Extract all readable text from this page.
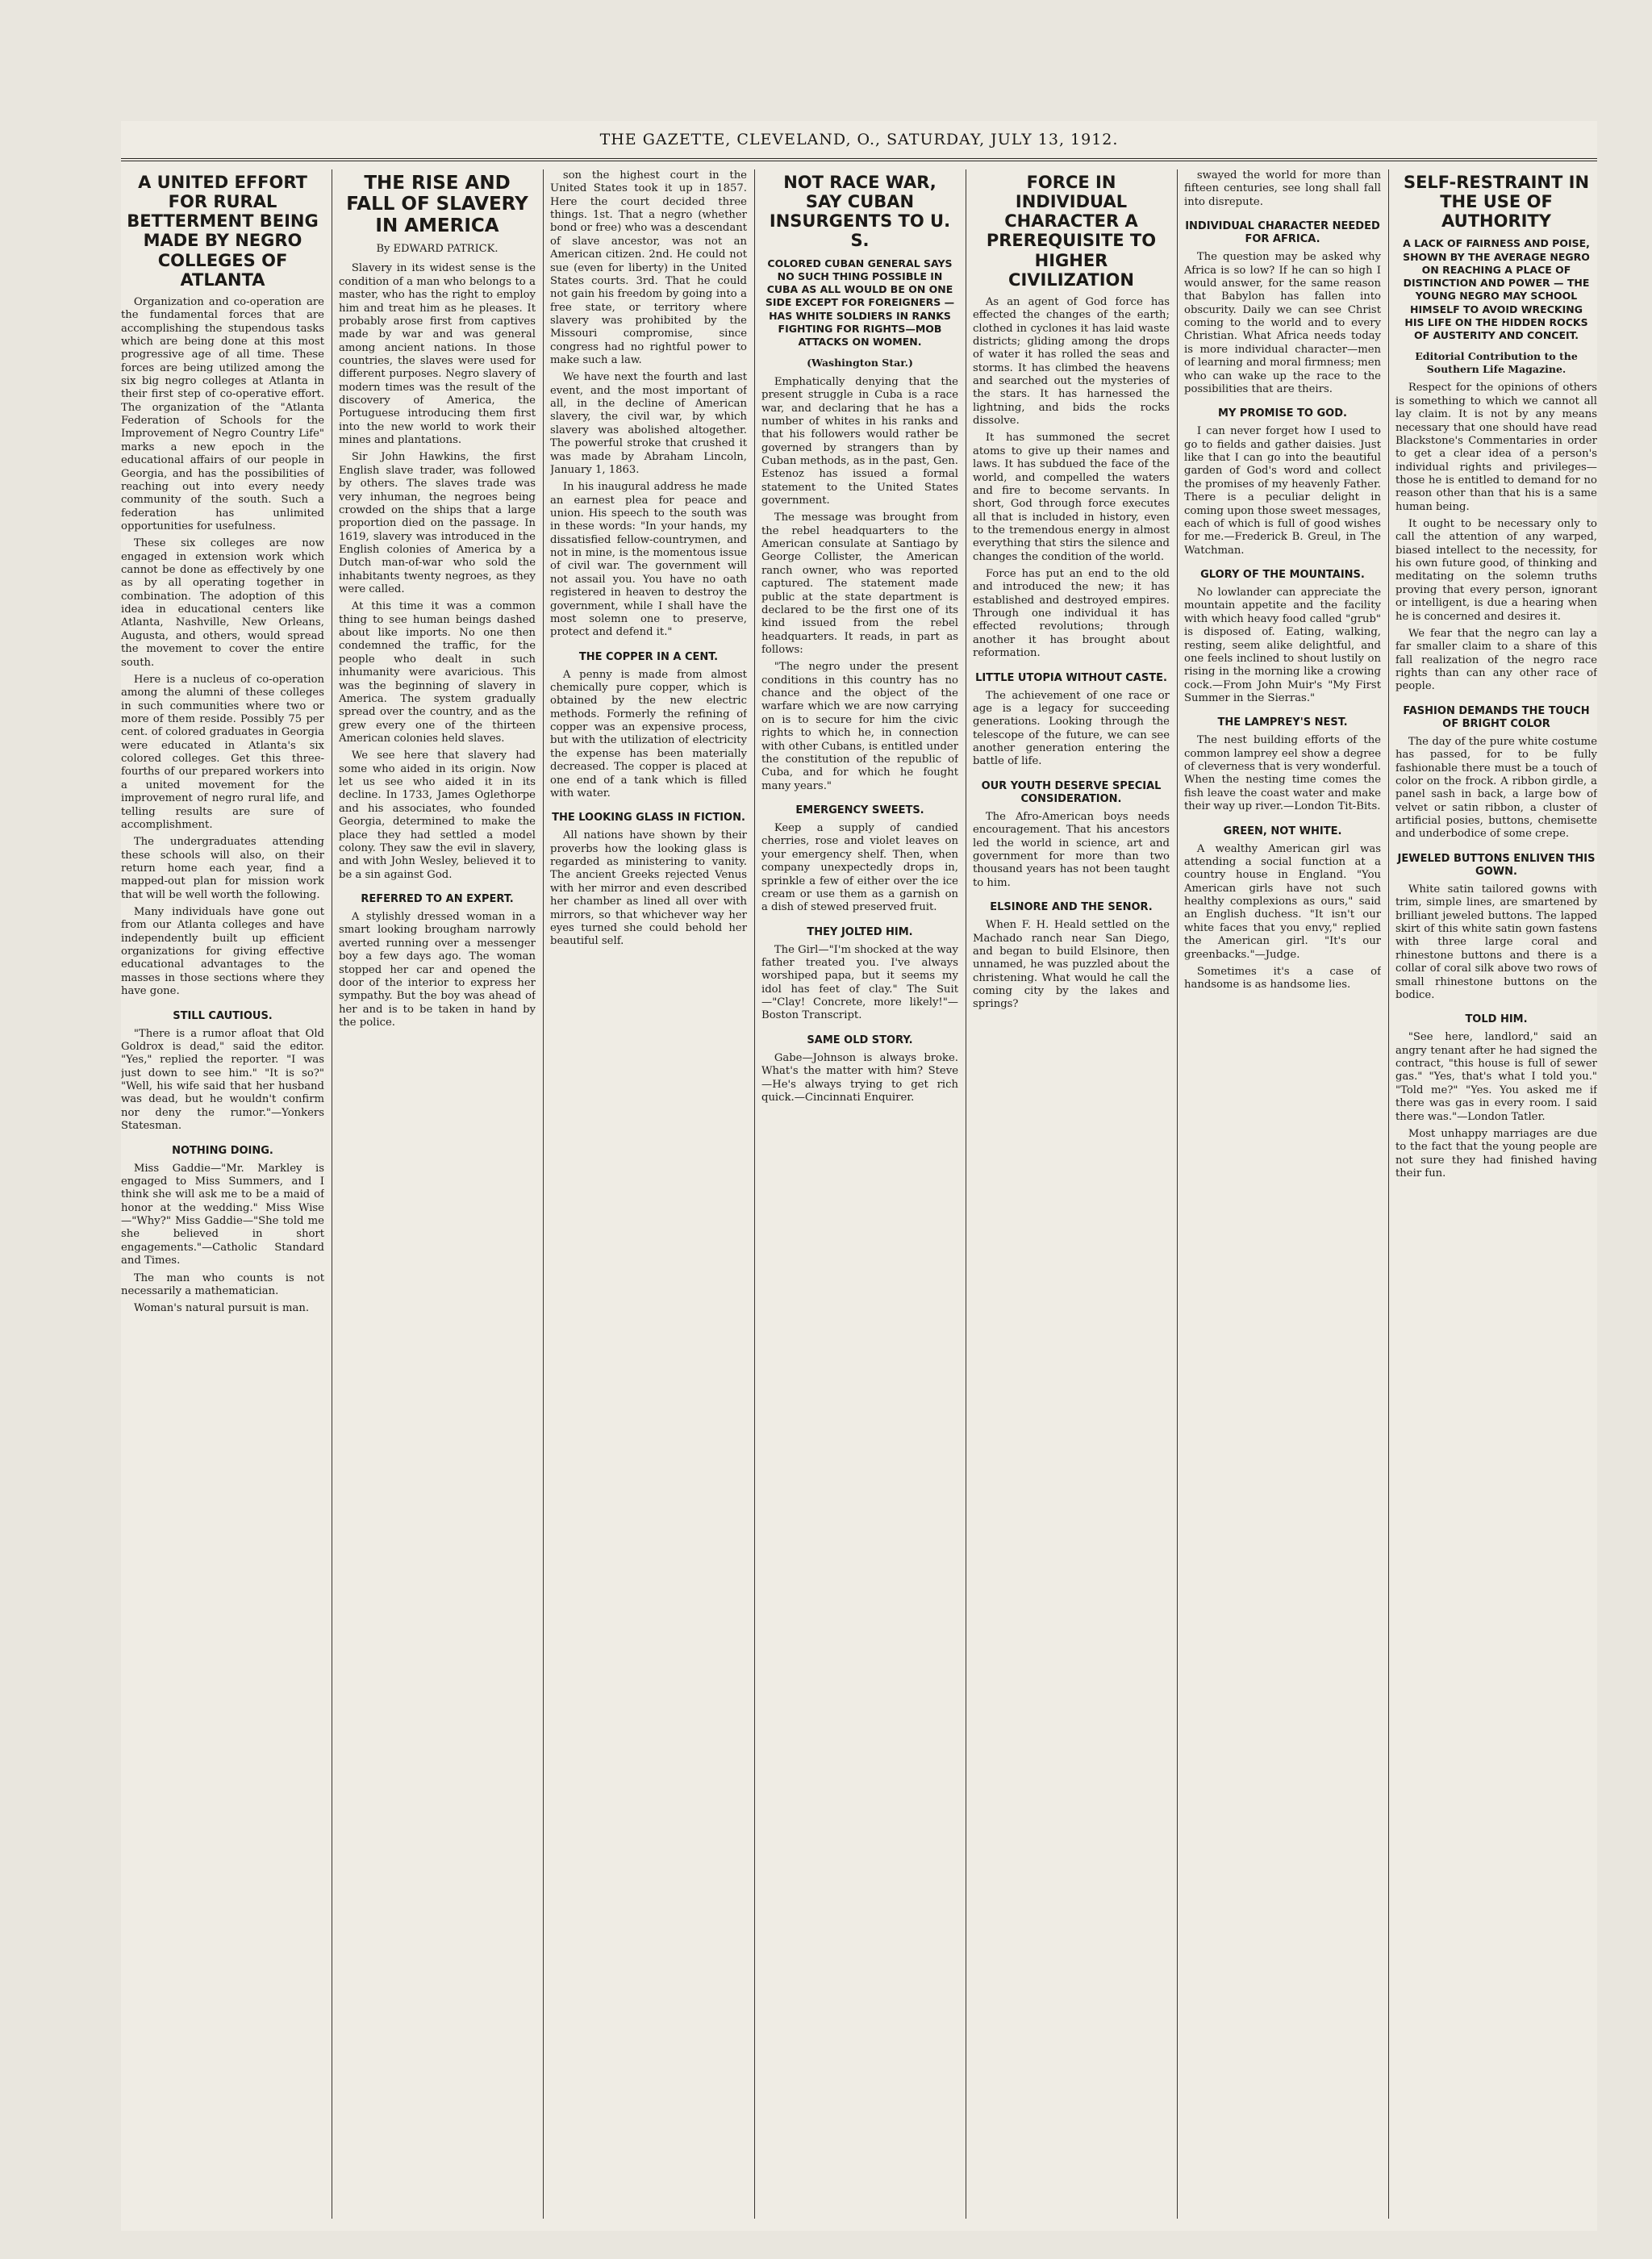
THE GAZETTE, CLEVELAND, O., SATURDAY, JULY 13, 1912.
A UNITED EFFORT FOR RURAL BETTERMENT BEING MADE BY NEGRO COLLEGES OF ATLANTA

Organization and co-operation are the fundamental forces that are accomplishing the stupendous tasks which are being done at this most progressive age of all time. These forces are being utilized among the six big negro colleges at Atlanta in their first step of co-operative effort. The organization of the "Atlanta Federation of Schools for the Improvement of Negro Country Life" marks a new epoch in the educational affairs of our people in Georgia, and has the possibilities of reaching out into every needy community of the south. Such a federation has unlimited opportunities for usefulness.

These six colleges are now engaged in extension work which cannot be done as effectively by one as by all operating together in combination. The adoption of this idea in educational centers like Atlanta, Nashville, New Orleans, Augusta, and others, would spread the movement to cover the entire south.

Here is a nucleus of co-operation among the alumni of these colleges in such communities where two or more of them reside. Possibly 75 per cent. of colored graduates in Georgia were educated in Atlanta's six colored colleges. Get this three-fourths of our prepared workers into a united movement for the improvement of negro rural life, and telling results are sure of accomplishment.

The undergraduates attending these schools will also, on their return home each year, find a mapped-out plan for mission work that will be well worth the following.

Many individuals have gone out from our Atlanta colleges and have independently built up efficient organizations for giving effective educational advantages to the masses in those sections where they have gone.

STILL CAUTIOUS.

"There is a rumor afloat that Old Goldrox is dead," said the editor. "Yes," replied the reporter. "I was just down to see him." "It is so?" "Well, his wife said that her husband was dead, but he wouldn't confirm nor deny the rumor."—Yonkers Statesman.

NOTHING DOING.

Miss Gaddie—"Mr. Markley is engaged to Miss Summers, and I think she will ask me to be a maid of honor at the wedding." Miss Wise—"Why?" Miss Gaddie—"She told me she believed in short engagements."—Catholic Standard and Times.

The man who counts is not necessarily a mathematician.

Woman's natural pursuit is man.

THE RISE AND FALL OF SLAVERY IN AMERICA
By EDWARD PATRICK.

Slavery in its widest sense is the condition of a man who belongs to a master, who has the right to employ him and treat him as he pleases. It probably arose first from captives made by war and was general among ancient nations. In those countries, the slaves were used for different purposes. Negro slavery of modern times was the result of the discovery of America, the Portuguese introducing them first into the new world to work their mines and plantations.

Sir John Hawkins, the first English slave trader, was followed by others. The slaves trade was very inhuman, the negroes being crowded on the ships that a large proportion died on the passage. In 1619, slavery was introduced in the English colonies of America by a Dutch man-of-war who sold the inhabitants twenty negroes, as they were called.

At this time it was a common thing to see human beings dashed about like imports. No one then condemned the traffic, for the people who dealt in such inhumanity were avaricious. This was the beginning of slavery in America. The system gradually spread over the country, and as the grew every one of the thirteen American colonies held slaves.

We see here that slavery had some who aided in its origin. Now let us see who aided it in its decline. In 1733, James Oglethorpe and his associates, who founded Georgia, determined to make the place they had settled a model colony. They saw the evil in slavery, and with John Wesley, believed it to be a sin against God.

REFERRED TO AN EXPERT.

A stylishly dressed woman in a smart looking brougham narrowly averted running over a messenger boy a few days ago. The woman stopped her car and opened the door of the interior to express her sympathy. But the boy was ahead of her and is to be taken in hand by the police.

son the highest court in the United States took it up in 1857. Here the court decided three things. 1st. That a negro (whether bond or free) who was a descendant of slave ancestor, was not an American citizen. 2nd. He could not sue (even for liberty) in the United States courts. 3rd. That he could not gain his freedom by going into a free state, or territory where slavery was prohibited by the Missouri compromise, since congress had no rightful power to make such a law.

We have next the fourth and last event, and the most important of all, in the decline of American slavery, the civil war, by which slavery was abolished altogether. The powerful stroke that crushed it was made by Abraham Lincoln, January 1, 1863.

In his inaugural address he made an earnest plea for peace and union. His speech to the south was in these words: "In your hands, my dissatisfied fellow-countrymen, and not in mine, is the momentous issue of civil war. The government will not assail you. You have no oath registered in heaven to destroy the government, while I shall have the most solemn one to preserve, protect and defend it."

THE COPPER IN A CENT.

A penny is made from almost chemically pure copper, which is obtained by the new electric methods. Formerly the refining of copper was an expensive process, but with the utilization of electricity the expense has been materially decreased. The copper is placed at one end of a tank which is filled with water.

THE LOOKING GLASS IN FICTION.

All nations have shown by their proverbs how the looking glass is regarded as ministering to vanity. The ancient Greeks rejected Venus with her mirror and even described her chamber as lined all over with mirrors, so that whichever way her eyes turned she could behold her beautiful self.

NOT RACE WAR, SAY CUBAN INSURGENTS TO U. S.
COLORED CUBAN GENERAL SAYS NO SUCH THING POSSIBLE IN CUBA AS ALL WOULD BE ON ONE SIDE EXCEPT FOR FOREIGNERS —HAS WHITE SOLDIERS IN RANKS FIGHTING FOR RIGHTS—MOB ATTACKS ON WOMEN.
(Washington Star.)

Emphatically denying that the present struggle in Cuba is a race war, and declaring that he has a number of whites in his ranks and that his followers would rather be governed by strangers than by Cuban methods, as in the past, Gen. Estenoz has issued a formal statement to the United States government.

The message was brought from the rebel headquarters to the American consulate at Santiago by George Collister, the American ranch owner, who was reported captured. The statement made public at the state department is declared to be the first one of its kind issued from the rebel headquarters. It reads, in part as follows:

"The negro under the present conditions in this country has no chance and the object of the warfare which we are now carrying on is to secure for him the civic rights to which he, in connection with other Cubans, is entitled under the constitution of the republic of Cuba, and for which he fought many years."

EMERGENCY SWEETS.

Keep a supply of candied cherries, rose and violet leaves on your emergency shelf. Then, when company unexpectedly drops in, sprinkle a few of either over the ice cream or use them as a garnish on a dish of stewed preserved fruit.

THEY JOLTED HIM.

The Girl—"I'm shocked at the way father treated you. I've always worshiped papa, but it seems my idol has feet of clay." The Suit—"Clay! Concrete, more likely!"—Boston Transcript.

SAME OLD STORY.

Gabe—Johnson is always broke. What's the matter with him? Steve—He's always trying to get rich quick.—Cincinnati Enquirer.

FORCE IN INDIVIDUAL CHARACTER A PREREQUISITE TO HIGHER CIVILIZATION

As an agent of God force has effected the changes of the earth; clothed in cyclones it has laid waste districts; gliding among the drops of water it has rolled the seas and storms. It has climbed the heavens and searched out the mysteries of the stars. It has harnessed the lightning, and bids the rocks dissolve.

It has summoned the secret atoms to give up their names and laws. It has subdued the face of the world, and compelled the waters and fire to become servants. In short, God through force executes all that is included in history, even to the tremendous energy in almost everything that stirs the silence and changes the condition of the world.

Force has put an end to the old and introduced the new; it has established and destroyed empires. Through one individual it has effected revolutions; through another it has brought about reformation.

LITTLE UTOPIA WITHOUT CASTE.

The achievement of one race or age is a legacy for succeeding generations. Looking through the telescope of the future, we can see another generation entering the battle of life.

OUR YOUTH DESERVE SPECIAL CONSIDERATION.

The Afro-American boys needs encouragement. That his ancestors led the world in science, art and government for more than two thousand years has not been taught to him.

ELSINORE AND THE SENOR.

When F. H. Heald settled on the Machado ranch near San Diego, and began to build Elsinore, then unnamed, he was puzzled about the christening. What would he call the coming city by the lakes and springs?

swayed the world for more than fifteen centuries, see long shall fall into disrepute.

INDIVIDUAL CHARACTER NEEDED FOR AFRICA.

The question may be asked why Africa is so low? If he can so high I would answer, for the same reason that Babylon has fallen into obscurity. Daily we can see Christ coming to the world and to every Christian. What Africa needs today is more individual character—men of learning and moral firmness; men who can wake up the race to the possibilities that are theirs.

MY PROMISE TO GOD.

I can never forget how I used to go to fields and gather daisies. Just like that I can go into the beautiful garden of God's word and collect the promises of my heavenly Father. There is a peculiar delight in coming upon those sweet messages, each of which is full of good wishes for me.—Frederick B. Greul, in The Watchman.

GLORY OF THE MOUNTAINS.

No lowlander can appreciate the mountain appetite and the facility with which heavy food called "grub" is disposed of. Eating, walking, resting, seem alike delightful, and one feels inclined to shout lustily on rising in the morning like a crowing cock.—From John Muir's "My First Summer in the Sierras."

THE LAMPREY'S NEST.

The nest building efforts of the common lamprey eel show a degree of cleverness that is very wonderful. When the nesting time comes the fish leave the coast water and make their way up river.—London Tit-Bits.

GREEN, NOT WHITE.

A wealthy American girl was attending a social function at a country house in England. "You American girls have not such healthy complexions as ours," said an English duchess. "It isn't our white faces that you envy," replied the American girl. "It's our greenbacks."—Judge.

Sometimes it's a case of handsome is as handsome lies.

SELF-RESTRAINT IN THE USE OF AUTHORITY
A LACK OF FAIRNESS AND POISE, SHOWN BY THE AVERAGE NEGRO ON REACHING A PLACE OF DISTINCTION AND POWER — THE YOUNG NEGRO MAY SCHOOL HIMSELF TO AVOID WRECKING HIS LIFE ON THE HIDDEN ROCKS OF AUSTERITY AND CONCEIT.
Editorial Contribution to the Southern Life Magazine.

Respect for the opinions of others is something to which we cannot all lay claim. It is not by any means necessary that one should have read Blackstone's Commentaries in order to get a clear idea of a person's individual rights and privileges—those he is entitled to demand for no reason other than that his is a same human being.

It ought to be necessary only to call the attention of any warped, biased intellect to the necessity, for his own future good, of thinking and meditating on the solemn truths proving that every person, ignorant or intelligent, is due a hearing when he is concerned and desires it.

We fear that the negro can lay a far smaller claim to a share of this fall realization of the negro race rights than can any other race of people.

FASHION DEMANDS THE TOUCH OF BRIGHT COLOR

The day of the pure white costume has passed, for to be fully fashionable there must be a touch of color on the frock. A ribbon girdle, a panel sash in back, a large bow of velvet or satin ribbon, a cluster of artificial posies, buttons, chemisette and underbodice of some crepe.

JEWELED BUTTONS ENLIVEN THIS GOWN.

White satin tailored gowns with trim, simple lines, are smartened by brilliant jeweled buttons. The lapped skirt of this white satin gown fastens with three large coral and rhinestone buttons and there is a collar of coral silk above two rows of small rhinestone buttons on the bodice.

TOLD HIM.

"See here, landlord," said an angry tenant after he had signed the contract, "this house is full of sewer gas." "Yes, that's what I told you." "Told me?" "Yes. You asked me if there was gas in every room. I said there was."—London Tatler.

Most unhappy marriages are due to the fact that the young people are not sure they had finished having their fun.
